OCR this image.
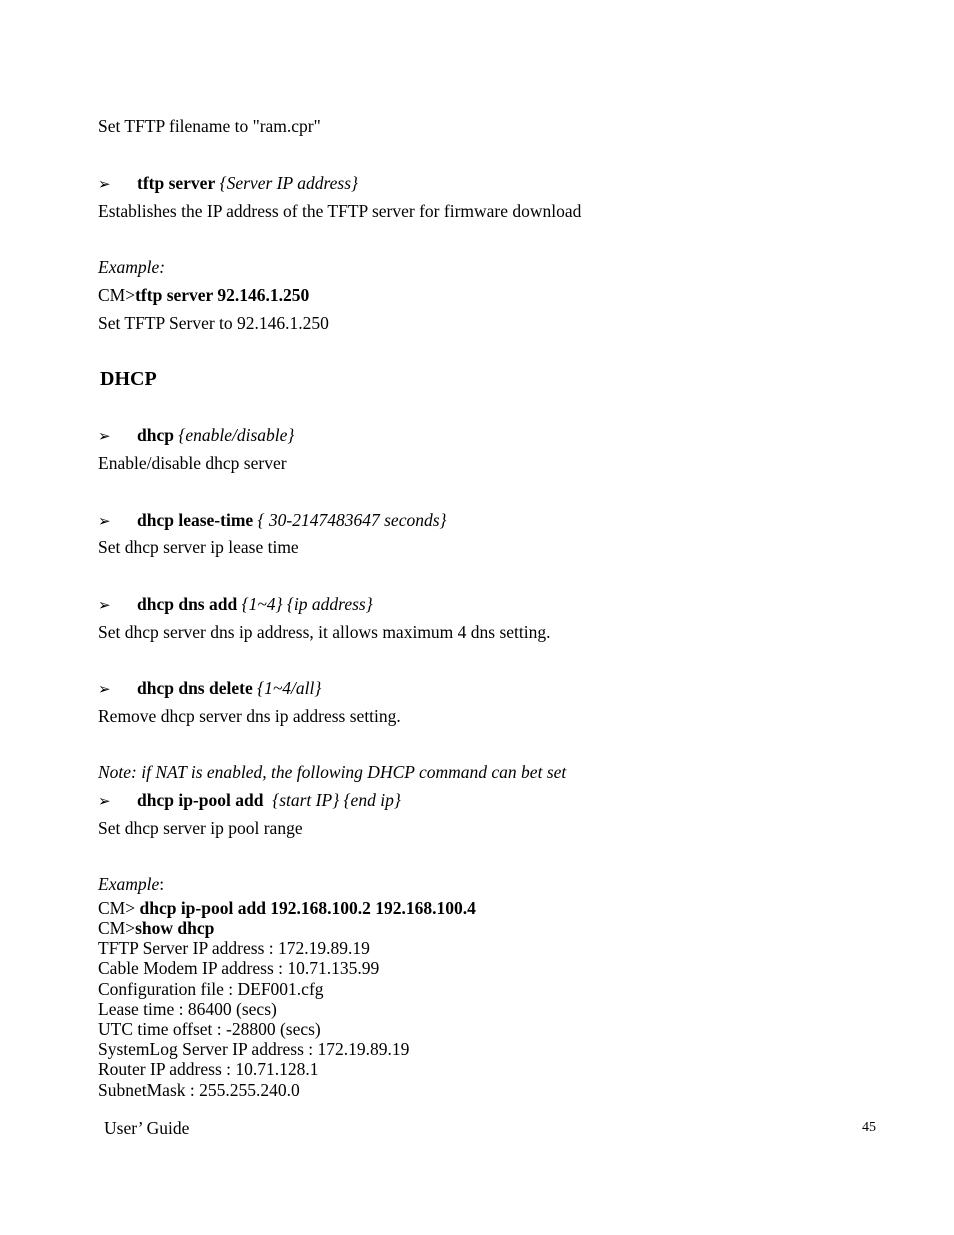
Set TFTP filename to "ram.cpr"
➢ tftp server {Server IP address}
Establishes the IP address of the TFTP server for firmware download
Example:
CM>tftp server 92.146.1.250
Set TFTP Server to 92.146.1.250
DHCP
➢ dhcp {enable/disable}
Enable/disable dhcp server
➢ dhcp lease-time { 30-2147483647 seconds}
Set dhcp server ip lease time
➢ dhcp dns add {1~4} {ip address}
Set dhcp server dns ip address, it allows maximum 4 dns setting.
➢ dhcp dns delete {1~4/all}
Remove dhcp server dns ip address setting.
Note: if NAT is enabled, the following DHCP command can bet set
➢ dhcp ip-pool add {start IP} {end ip}
Set dhcp server ip pool range
Example:
CM> dhcp ip-pool add 192.168.100.2 192.168.100.4
CM>show dhcp
TFTP Server IP address : 172.19.89.19
Cable Modem IP address : 10.71.135.99
Configuration file : DEF001.cfg
Lease time : 86400 (secs)
UTC time offset : -28800 (secs)
SystemLog Server IP address : 172.19.89.19
Router IP address : 10.71.128.1
SubnetMask : 255.255.240.0
User’ Guide	45
